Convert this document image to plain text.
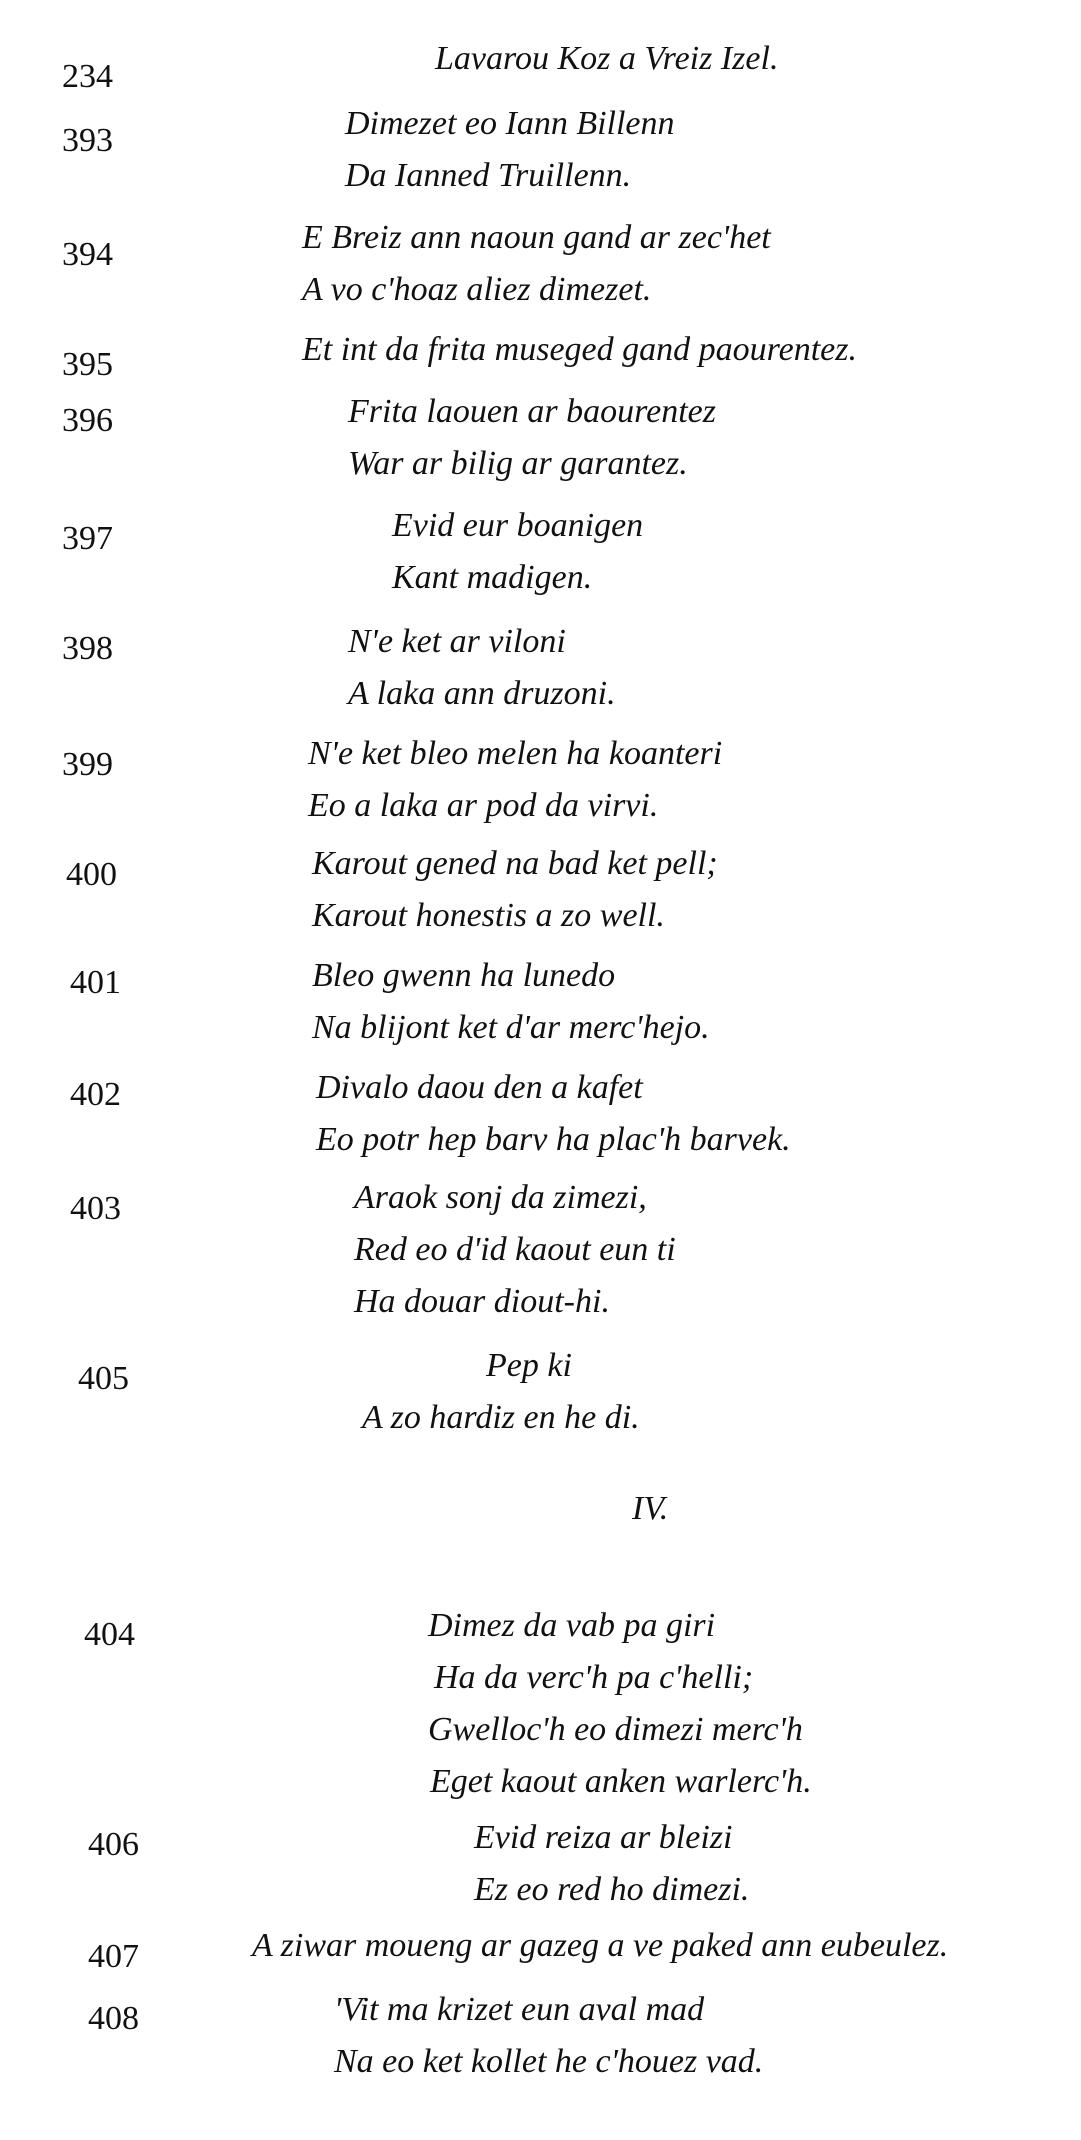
234	Lavarou Koz a Vreiz Izel.
393	Dimezet eo Iann Billenn
Da Ianned Truillenn.
394	E Breiz ann naoun gand ar zec'het
A vo c'hoaz aliez dimezet.
395	Et int da frita museged gand paourentez.
396	Frita laouen ar baourentez
War ar bilig ar garantez.
397	Evid eur boanigen
Kant madigen.
398	N'e ket ar viloni
A laka ann druzoni.
399	N'e ket bleo melen ha koanteri
Eo a laka ar pod da virvi.
400	Karout gened na bad ket pell;
Karout honestis a zo well.
401	Bleo gwenn ha lunedo
Na blijont ket d'ar merc'hejo.
402	Divalo daou den a kafet
Eo potr hep barv ha plac'h barvek.
403	Araok sonj da zimezi,
Red eo d'id kaout eun ti
Ha douar diout-hi.
405	Pep ki
A zo hardiz en he di.
IV.
404	Dimez da vab pa giri
Ha da verc'h pa c'helli;
Gwelloc'h eo dimezi merc'h
Eget kaout anken warlerc'h.
406	Evid reiza ar bleizi
Ez eo red ho dimezi.
407	A ziwar moueng ar gazeg a ve paked ann eubeulez.
408	'Vit ma krizet eun aval mad
Na eo ket kollet he c'houez vad.
